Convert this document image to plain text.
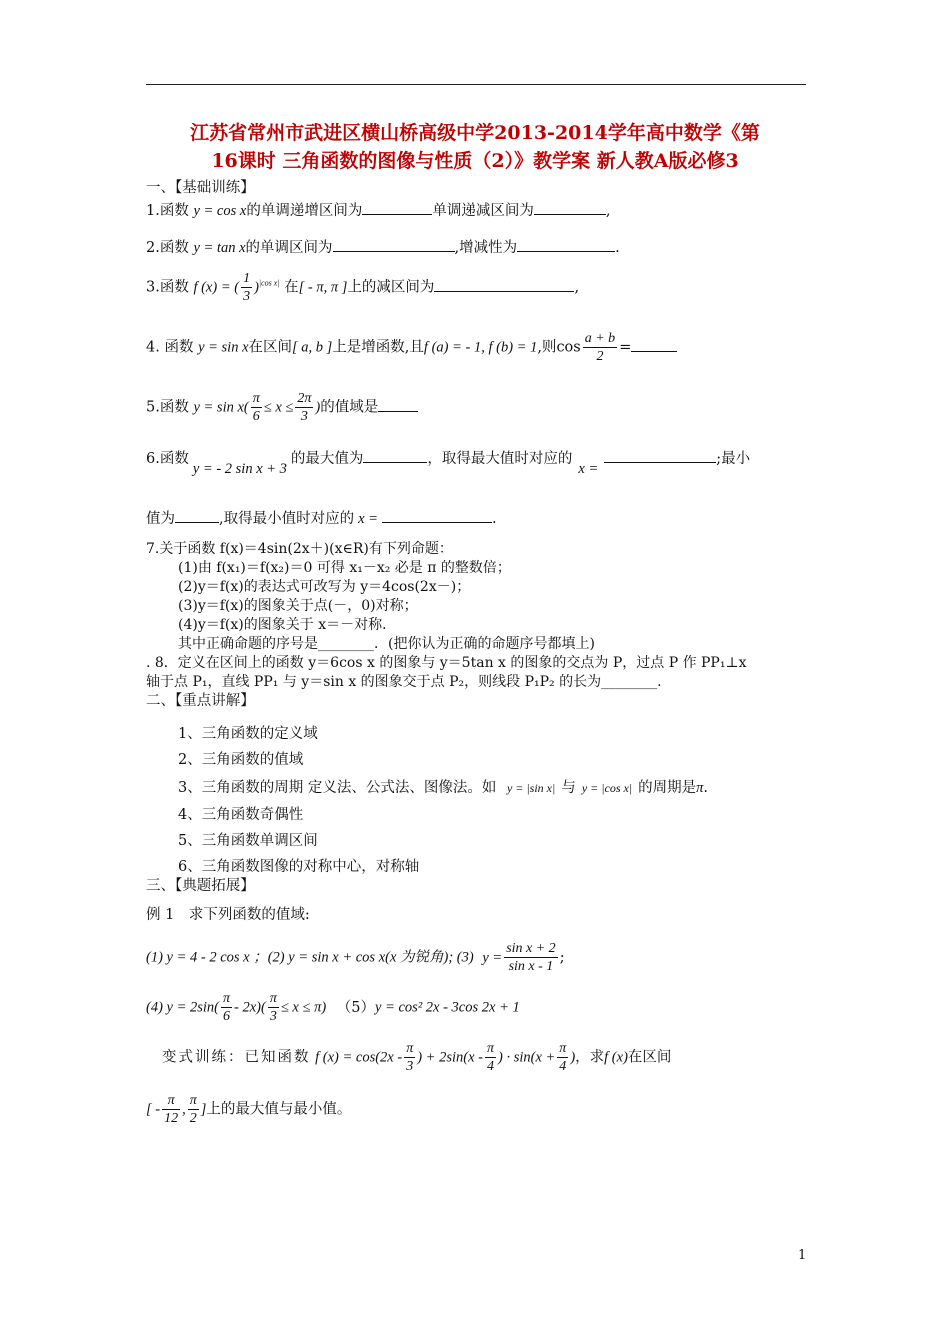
江苏省常州市武进区横山桥高级中学2013-2014学年高中数学《第
16课时 三角函数的图像与性质（2）》教学案 新人教A版必修3
一、【基础训练】
1.函数 y = cos x的单调递增区间为	单调递减区间为	,
2.函数 y = tan x的单调区间为	,增减性为	.
3.函数 f (x) = ( $\frac{1}{3} )^{|cos x|}$ 在[ - π, π ]上的减区间为	,
4. 函数 y = sin x在区间[ a, b ]上是增函数,且f (a) = - 1, f (b) = 1,则$\cos \frac{a + b}{2}$ =
5.函数 $y = \sin x( \frac{\pi}{6} \le x \le \frac{2\pi}{3}$ )的值域是
6.函数y = - 2 sin x + 3的最大值为	，取得最大值时对应的x =;最小
值为	,取得最小值时对应的 x =	.
7.关于函数 f(x)＝4sin(2x＋)(x∈R)有下列命题：
(1)由 f(x₁)＝f(x₂)＝0 可得 x₁－x₂ 必是 π 的整数倍；
(2)y＝f(x)的表达式可改写为 y＝4cos(2x－)；
(3)y＝f(x)的图象关于点(－，0)对称；
(4)y＝f(x)的图象关于 x＝－对称．
其中正确命题的序号是________．(把你认为正确的命题序号都填上)
. 8．定义在区间上的函数 y＝6cos x 的图象与 y＝5tan x 的图象的交点为 P，过点 P 作 PP₁⊥x
轴于点 P₁，直线 PP₁ 与 y＝sin x 的图象交于点 P₂，则线段 P₁P₂ 的长为________.
二、【重点讲解】
1、三角函数的定义域
2、三角函数的值域
3、三角函数的周期 定义法、公式法、图像法。如 y = |sin x| 与 y = |cos x| 的周期是π.
4、三角函数奇偶性
5、三角函数单调区间
6、三角函数图像的对称中心，对称轴
三、【典题拓展】
例 1　求下列函数的值域:
(1) y = 4 - 2 cos x ；(2) y = sin x + cos x(x 为锐角); (3) $y = \frac{\text{sin x + 2}}{\text{sin x - 1}}$ ;
(4) $y = 2\sin( \frac{\pi}{6} - 2x)( \frac{\pi}{3} \le x \le \pi)$ （5）y = cos² 2x - 3cos 2x + 1
变式训练：已知函数 f $(x) = \cos(2x - \frac{\pi}{3}$ ) + $2\sin(x - \frac{\pi}{4}$ ) · $\sin(x + \frac{\pi}{4}$ )，求f (x)在区间
[ - $\frac{\pi}{12}$ , $\frac{\pi}{2}$ ]上的最大值与最小值。
1
